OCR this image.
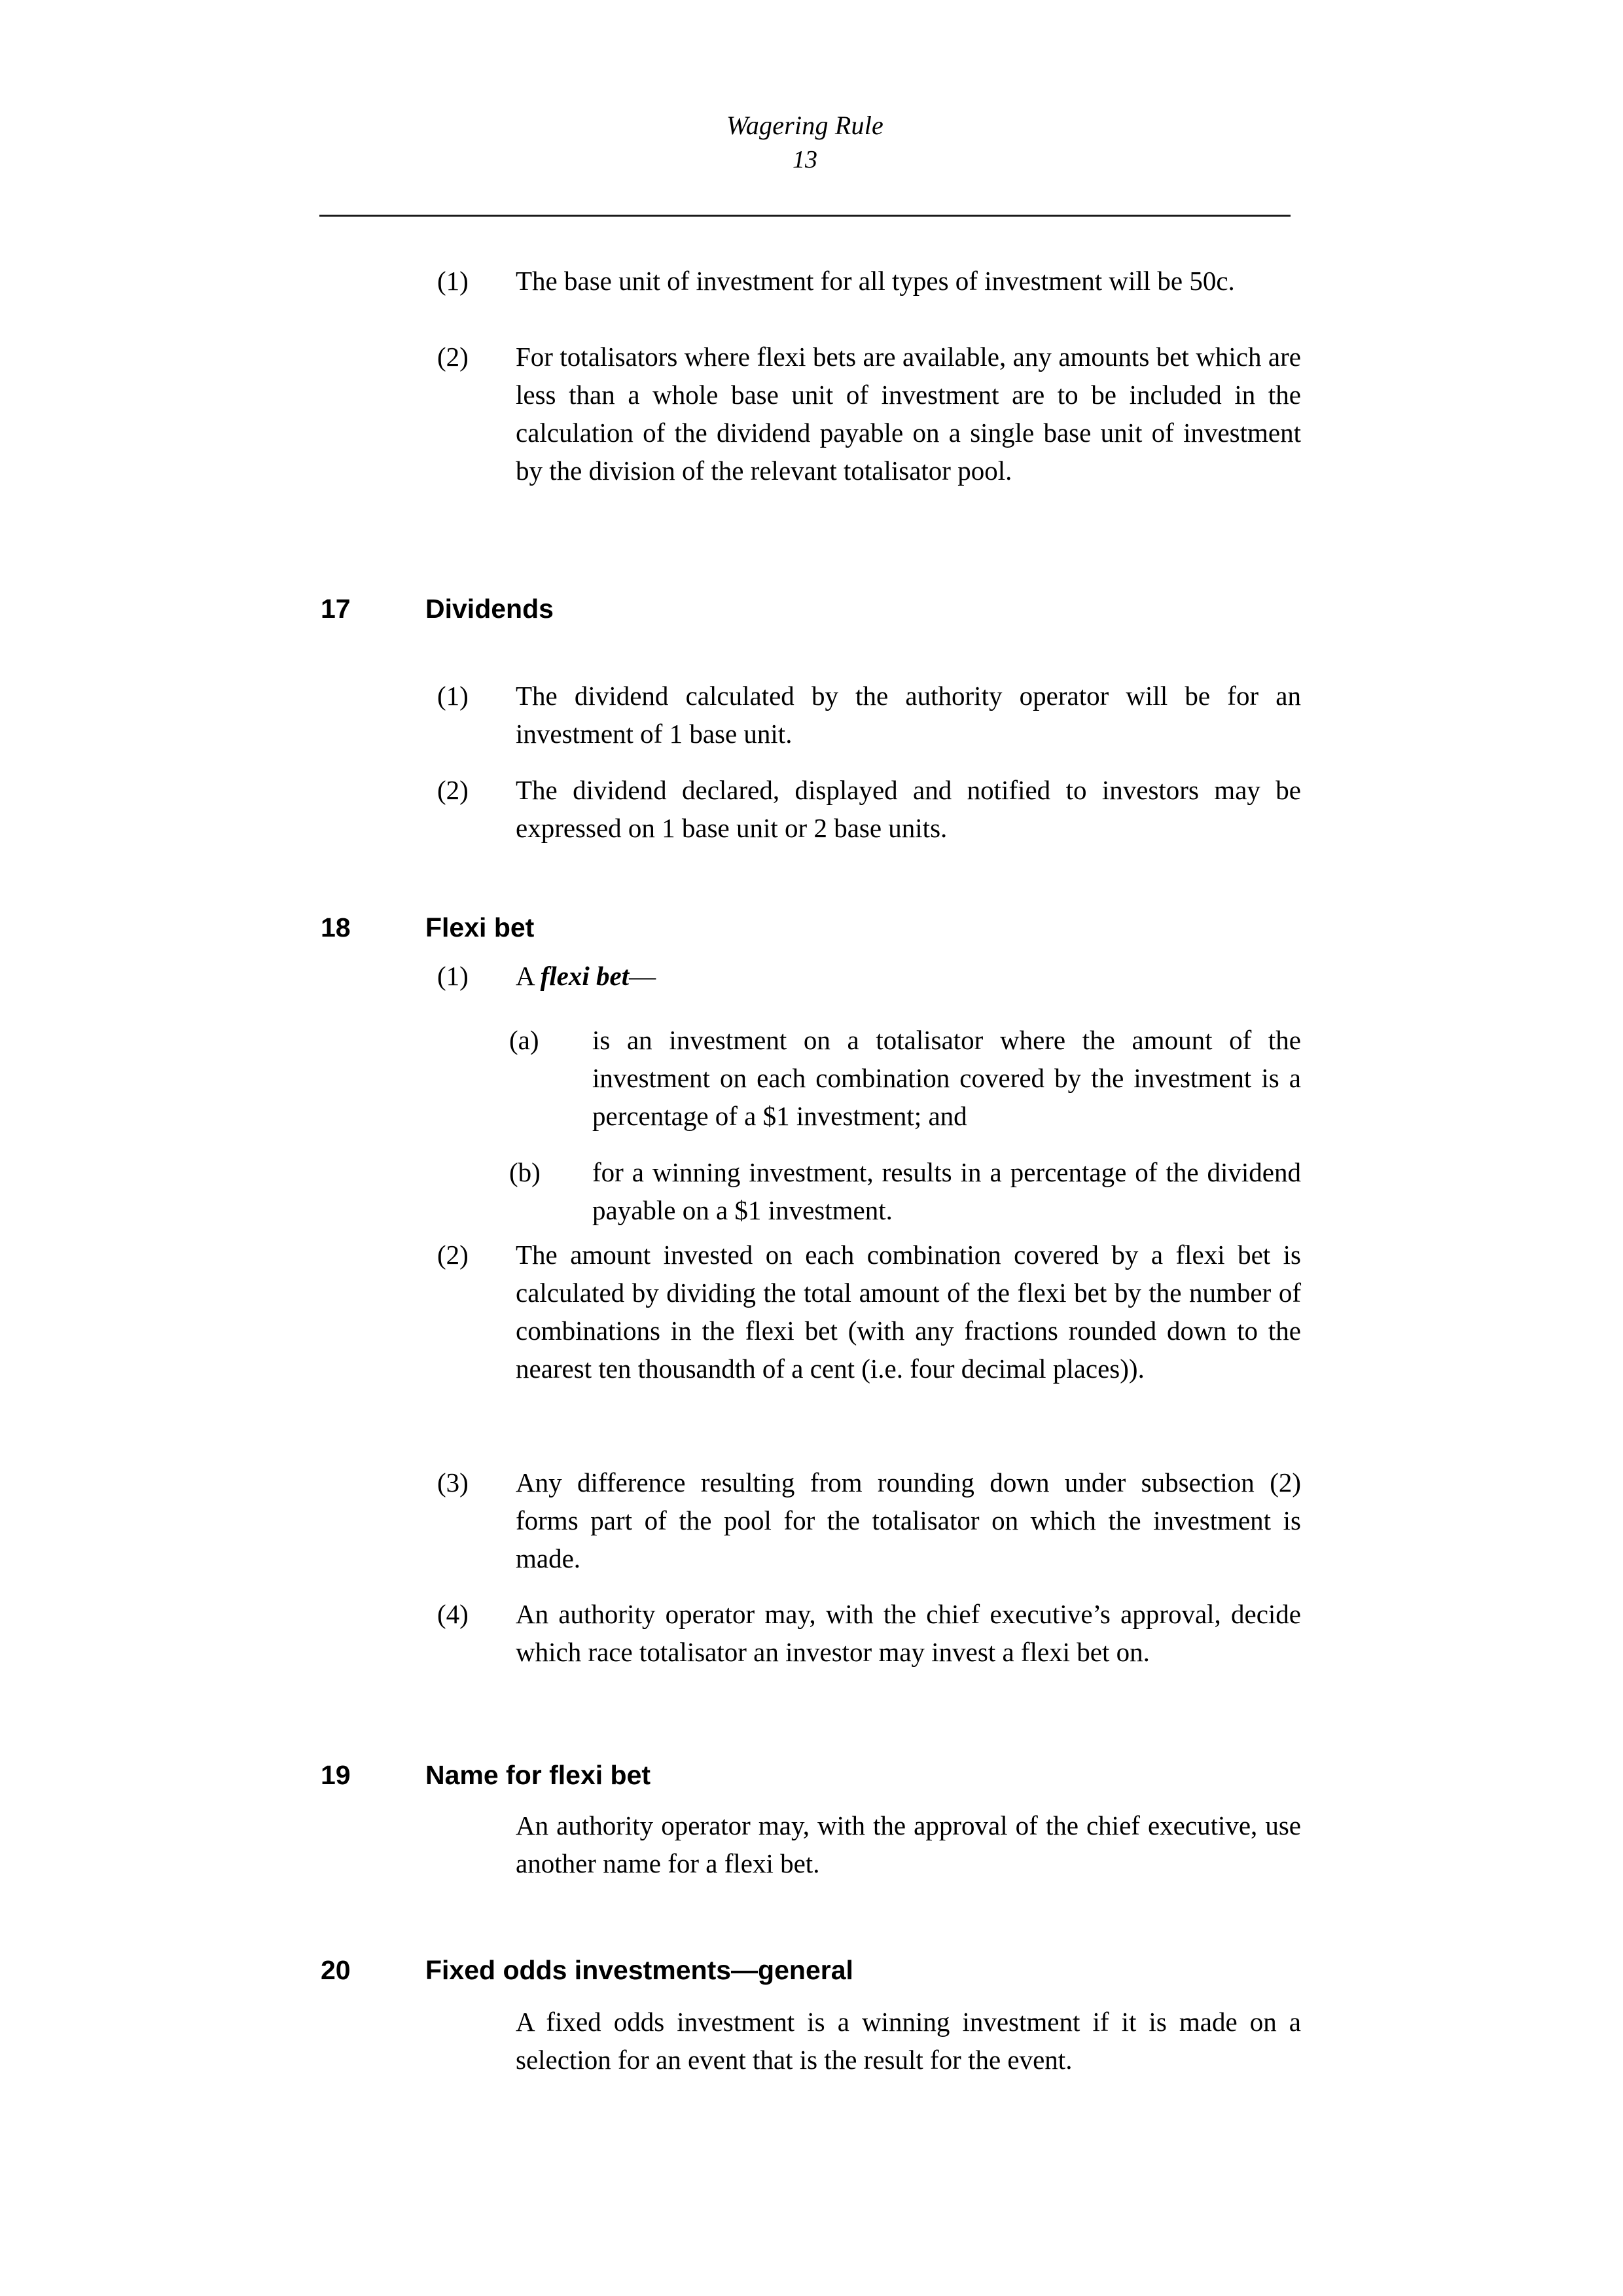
Wagering Rule
13
(1)	The base unit of investment for all types of investment will be 50c.
(2)	For totalisators where flexi bets are available, any amounts bet which are less than a whole base unit of investment are to be included in the calculation of the dividend payable on a single base unit of investment by the division of the relevant totalisator pool.
17	Dividends
(1)	The dividend calculated by the authority operator will be for an investment of 1 base unit.
(2)	The dividend declared, displayed and notified to investors may be expressed on 1 base unit or 2 base units.
18	Flexi bet
(1)	A flexi bet—
(a)	is an investment on a totalisator where the amount of the investment on each combination covered by the investment is a percentage of a $1 investment; and
(b)	for a winning investment, results in a percentage of the dividend payable on a $1 investment.
(2)	The amount invested on each combination covered by a flexi bet is calculated by dividing the total amount of the flexi bet by the number of combinations in the flexi bet (with any fractions rounded down to the nearest ten thousandth of a cent (i.e. four decimal places)).
(3)	Any difference resulting from rounding down under subsection (2) forms part of the pool for the totalisator on which the investment is made.
(4)	An authority operator may, with the chief executive’s approval, decide which race totalisator an investor may invest a flexi bet on.
19	Name for flexi bet
An authority operator may, with the approval of the chief executive, use another name for a flexi bet.
20	Fixed odds investments—general
A fixed odds investment is a winning investment if it is made on a selection for an event that is the result for the event.
